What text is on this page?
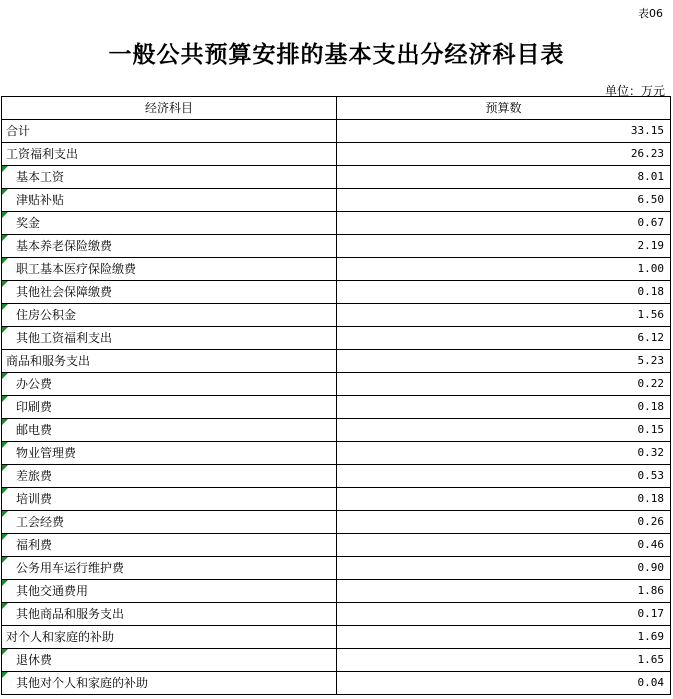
表06
一般公共预算安排的基本支出分经济科目表
单位：万元
经济科目	预算数
合计	33.15
工资福利支出	26.23
基本工资	8.01
津贴补贴	6.50
奖金	0.67
基本养老保险缴费	2.19
职工基本医疗保险缴费	1.00
其他社会保障缴费	0.18
住房公积金	1.56
其他工资福利支出	6.12
商品和服务支出	5.23
办公费	0.22
印刷费	0.18
邮电费	0.15
物业管理费	0.32
差旅费	0.53
培训费	0.18
工会经费	0.26
福利费	0.46
公务用车运行维护费	0.90
其他交通费用	1.86
其他商品和服务支出	0.17
对个人和家庭的补助	1.69
退休费	1.65
其他对个人和家庭的补助	0.04
